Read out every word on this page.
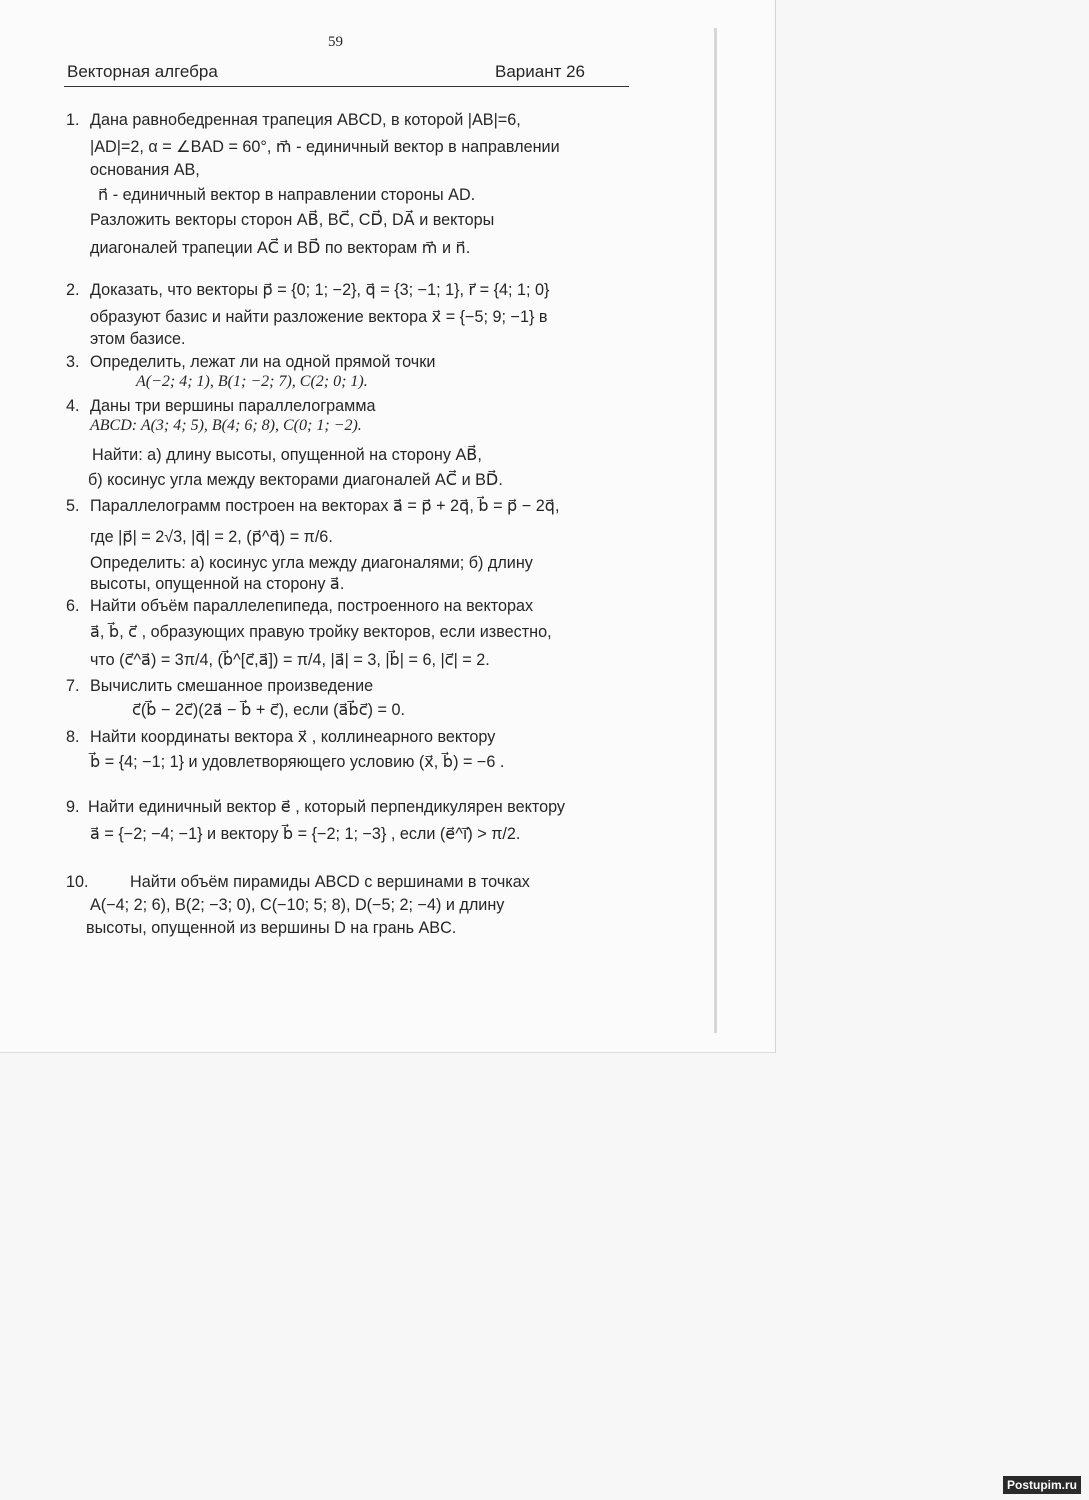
59
Векторная алгебра	Вариант 26
1. Дана равнобедренная трапеция ABCD, в которой |AB|=6,
|AD|=2, α = ∠BAD = 60°, m⃗ - единичный вектор в направлении
основания AB,
n⃗ - единичный вектор в направлении стороны AD.
Разложить векторы сторон AB⃗, BC⃗, CD⃗, DA⃗ и векторы
диагоналей трапеции AC⃗ и BD⃗ по векторам m⃗ и n⃗.
2. Доказать, что векторы p⃗ = {0; 1; −2}, q⃗ = {3; −1; 1}, r⃗ = {4; 1; 0}
образуют базис и найти разложение вектора x⃗ = {−5; 9; −1} в
этом базисе.
3. Определить, лежат ли на одной прямой точки
A(−2; 4; 1), B(1; −2; 7), C(2; 0; 1).
4. Даны три вершины параллелограмма
ABCD: A(3; 4; 5), B(4; 6; 8), C(0; 1; −2).
Найти: а) длину высоты, опущенной на сторону AB⃗,
б) косинус угла между векторами диагоналей AC⃗ и BD⃗.
5. Параллелограмм построен на векторах a⃗ = p⃗ + 2q⃗, b⃗ = p⃗ − 2q⃗,
где |p⃗| = 2√3, |q⃗| = 2, (p⃗^q⃗) = π/6.
Определить: а) косинус угла между диагоналями; б) длину
высоты, опущенной на сторону a⃗.
6. Найти объём параллелепипеда, построенного на векторах
a⃗, b⃗, c⃗ , образующих правую тройку векторов, если известно,
что (c⃗^a⃗) = 3π/4, (b⃗^[c⃗,a⃗]) = π/4, |a⃗| = 3, |b⃗| = 6, |c⃗| = 2.
7. Вычислить смешанное произведение
c⃗(b⃗ − 2c⃗)(2a⃗ − b⃗ + c⃗), если (a⃗b⃗c⃗) = 0.
8. Найти координаты вектора x⃗ , коллинеарного вектору
b⃗ = {4; −1; 1} и удовлетворяющего условию (x⃗, b⃗) = −6 .
9. Найти единичный вектор e⃗ , который перпендикулярен вектору
a⃗ = {−2; −4; −1} и вектору b⃗ = {−2; 1; −3} , если (e⃗^i⃗) > π/2.
10.	Найти объём пирамиды ABCD с вершинами в точках
A(−4; 2; 6), B(2; −3; 0), C(−10; 5; 8), D(−5; 2; −4) и длину
высоты, опущенной из вершины D на грань ABC.
Postupim.ru
